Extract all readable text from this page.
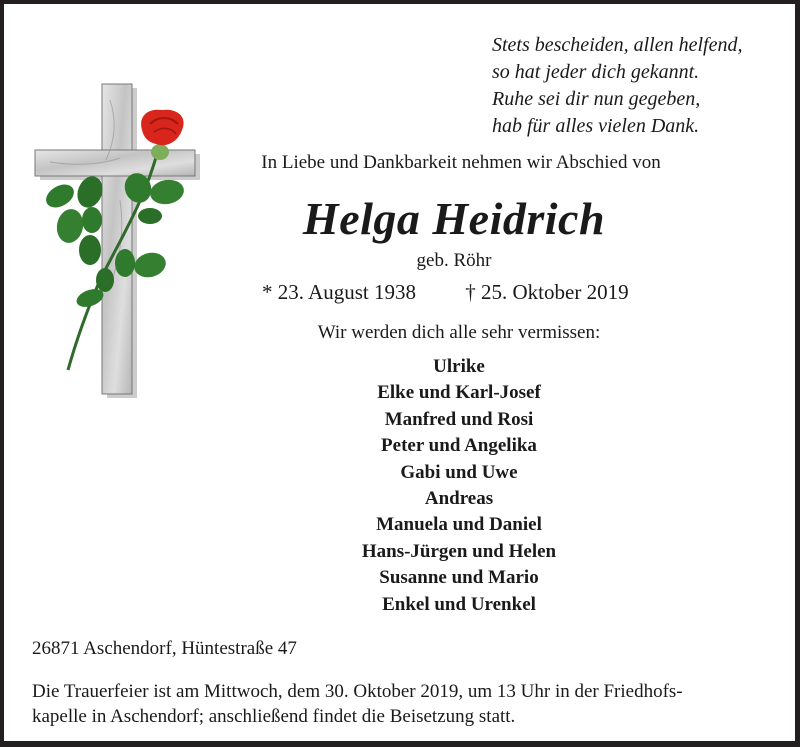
Stets bescheiden, allen helfend,
so hat jeder dich gekannt.
Ruhe sei dir nun gegeben,
hab für alles vielen Dank.
In Liebe und Dankbarkeit nehmen wir Abschied von
Helga Heidrich
geb. Röhr
* 23. August 1938 † 25. Oktober 2019
Wir werden dich alle sehr vermissen:
Ulrike
Elke und Karl-Josef
Manfred und Rosi
Peter und Angelika
Gabi und Uwe
Andreas
Manuela und Daniel
Hans-Jürgen und Helen
Susanne und Mario
Enkel und Urenkel
26871 Aschendorf, Hüntestraße 47
Die Trauerfeier ist am Mittwoch, dem 30. Oktober 2019, um 13 Uhr in der Friedhofs-
kapelle in Aschendorf; anschließend findet die Beisetzung statt.
